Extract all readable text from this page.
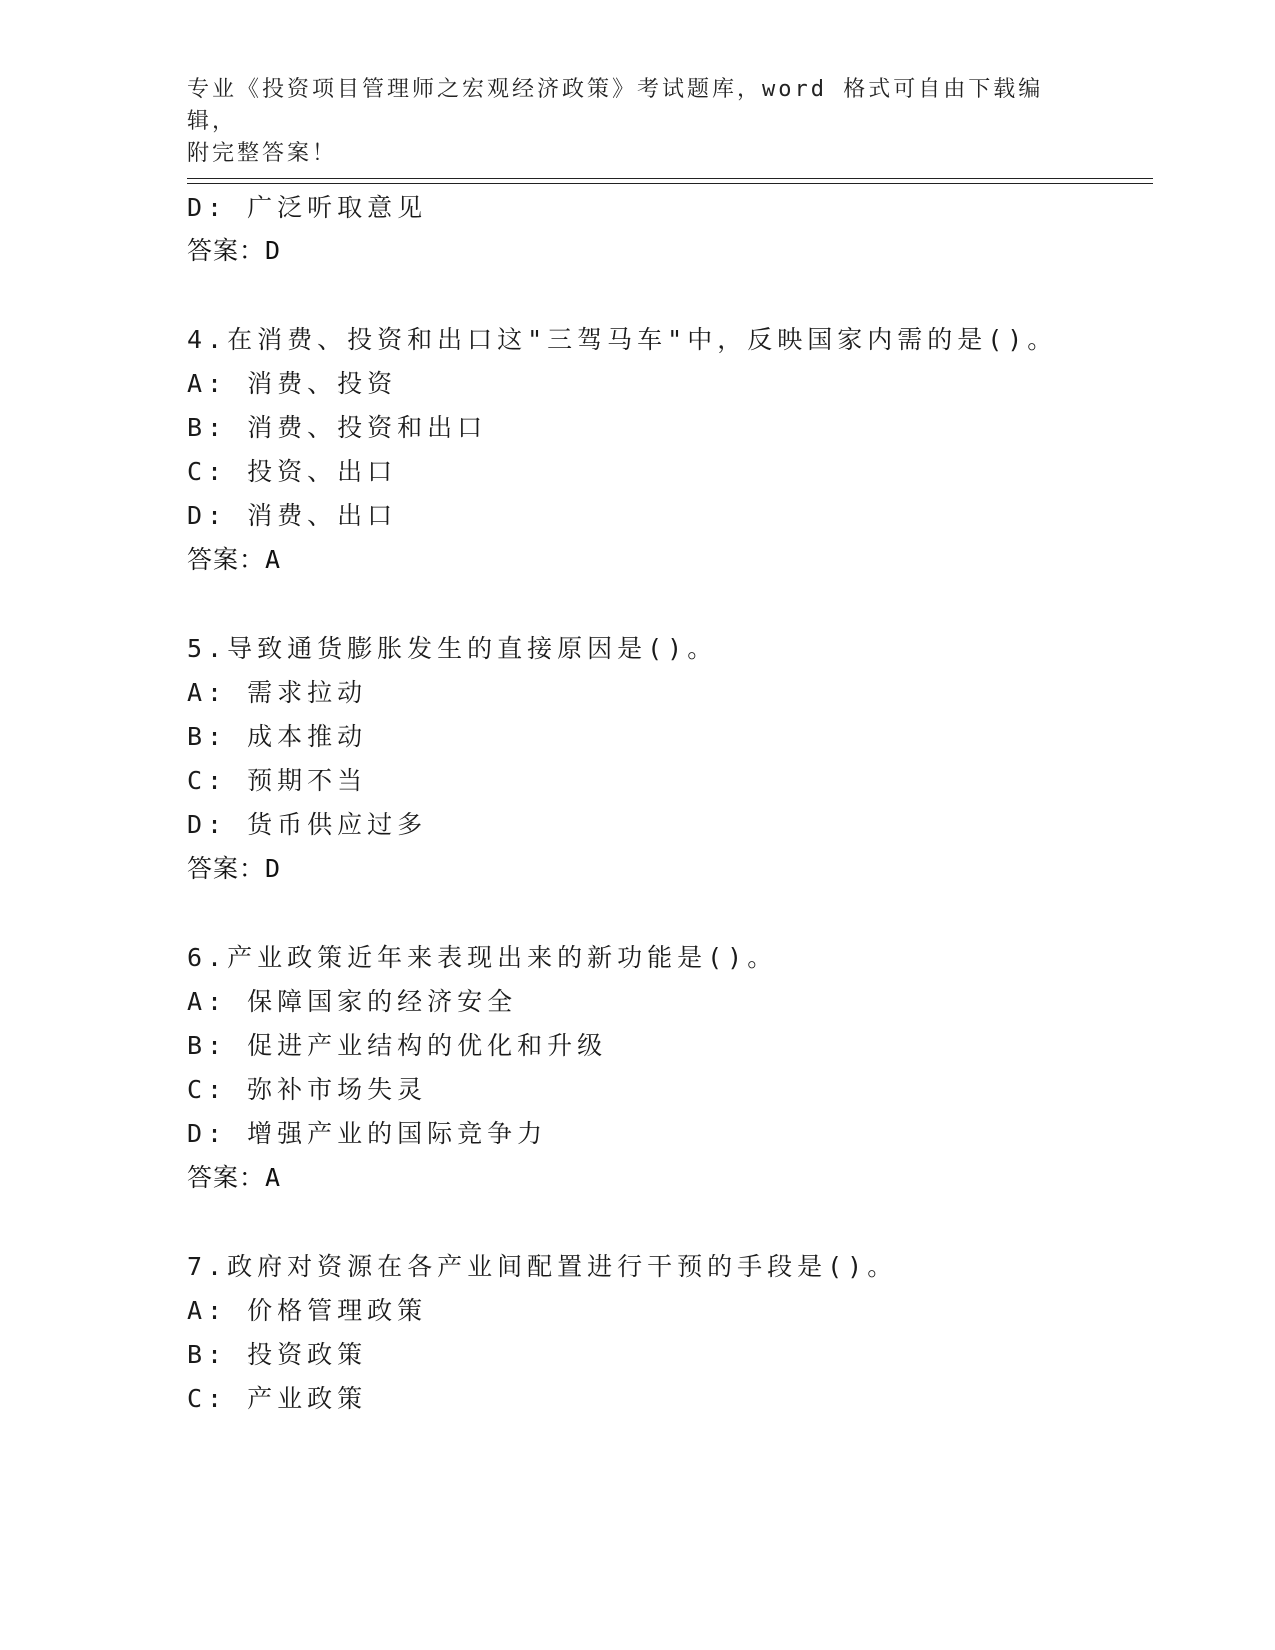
专业《投资项目管理师之宏观经济政策》考试题库，word 格式可自由下载编辑，
附完整答案！
D: 广泛听取意见
答案：D
4.在消费、投资和出口这"三驾马车"中，反映国家内需的是()。
A: 消费、投资
B: 消费、投资和出口
C: 投资、出口
D: 消费、出口
答案：A
5.导致通货膨胀发生的直接原因是()。
A: 需求拉动
B: 成本推动
C: 预期不当
D: 货币供应过多
答案：D
6.产业政策近年来表现出来的新功能是()。
A: 保障国家的经济安全
B: 促进产业结构的优化和升级
C: 弥补市场失灵
D: 增强产业的国际竞争力
答案：A
7.政府对资源在各产业间配置进行干预的手段是()。
A: 价格管理政策
B: 投资政策
C: 产业政策
